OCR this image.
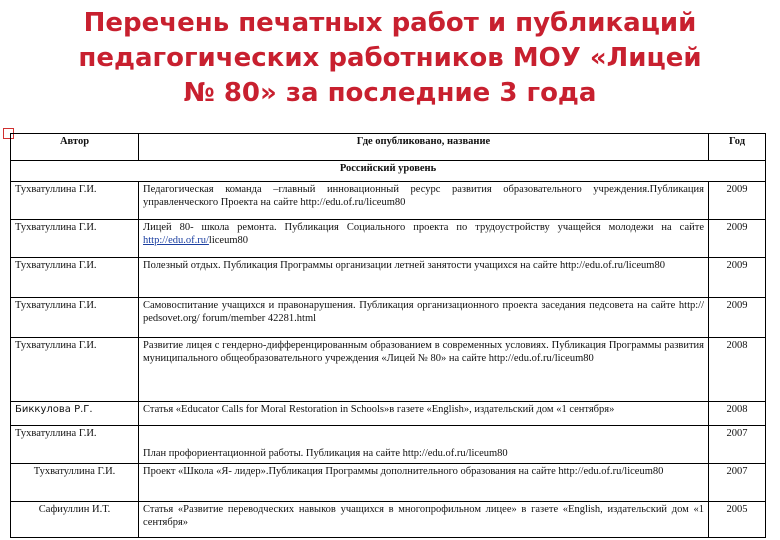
Перечень печатных работ и публикаций
педагогических работников МОУ «Лицей
№ 80» за последние 3 года
Автор	Где опубликовано, название	Год
Российский уровень		
Тухватуллина Г.И.	Педагогическая команда –главный инновационный ресурс развития образовательного учреждения.Публикация управленческого Проекта на сайте http://edu.of.ru/liceum80	2009
Тухватуллина Г.И.	Лицей 80- школа ремонта. Публикация Социального проекта по трудоустройству учащейся молодежи на сайте http://edu.of.ru/liceum80	2009
Тухватуллина Г.И.	Полезный отдых. Публикация Программы организации летней занятости учащихся на сайте http://edu.of.ru/liceum80	2009
Тухватуллина Г.И.	Самовоспитание учащихся и правонарушения. Публикация организационного проекта заседания педсовета на сайте http:// pedsovet.org/ forum/member 42281.html	2009
Тухватуллина Г.И.	Развитие лицея с гендерно-дифференцированным образованием в современных условиях. Публикация Программы развития муниципального общеобразовательного учреждения «Лицей № 80» на сайте http://edu.of.ru/liceum80	2008
Биккулова Р.Г.	Статья «Educator Calls for Moral Restoration in Schools»в газете «English», издательский дом «1 сентября»	2008
Тухватуллина Г.И.	План профориентационной работы. Публикация на сайте http://edu.of.ru/liceum80	2007
Тухватуллина Г.И.	Проект «Школа «Я- лидер».Публикация Программы дополнительного образования на сайте http://edu.of.ru/liceum80	2007
Сафиуллин И.Т.	Статья «Развитие переводческих навыков учащихся в многопрофильном лицее» в газете «English, издательский дом «1 сентября»	2005
